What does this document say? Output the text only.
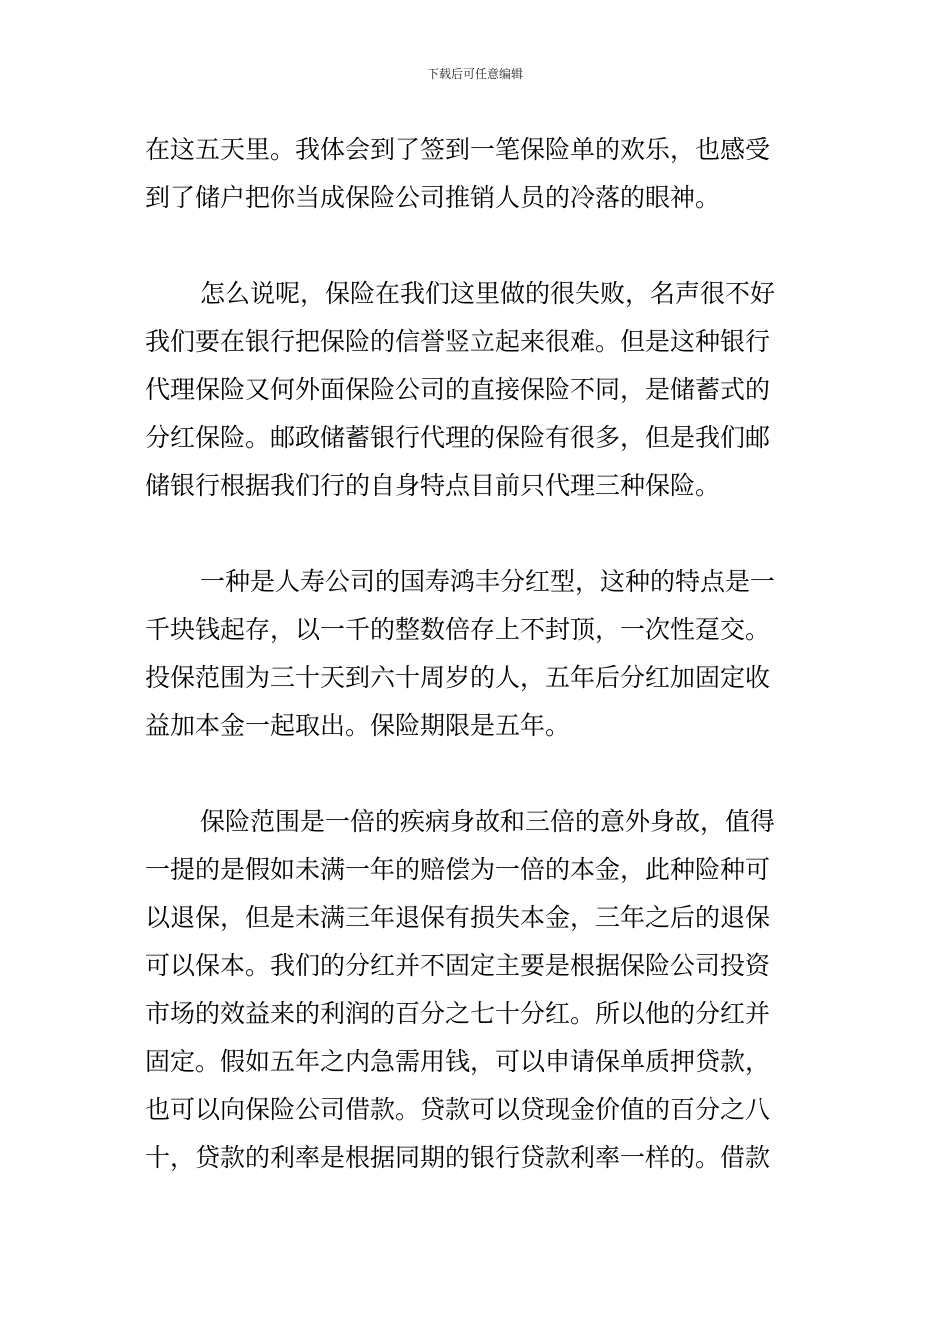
下载后可任意编辑
在这五天里。我体会到了签到一笔保险单的欢乐，也感受
到了储户把你当成保险公司推销人员的冷落的眼神。
怎么说呢，保险在我们这里做的很失败，名声很不好
我们要在银行把保险的信誉竖立起来很难。但是这种银行
代理保险又何外面保险公司的直接保险不同，是储蓄式的
分红保险。邮政储蓄银行代理的保险有很多，但是我们邮
储银行根据我们行的自身特点目前只代理三种保险。
一种是人寿公司的国寿鸿丰分红型，这种的特点是一
千块钱起存，以一千的整数倍存上不封顶，一次性趸交。
投保范围为三十天到六十周岁的人，五年后分红加固定收
益加本金一起取出。保险期限是五年。
保险范围是一倍的疾病身故和三倍的意外身故，值得
一提的是假如未满一年的赔偿为一倍的本金，此种险种可
以退保，但是未满三年退保有损失本金，三年之后的退保
可以保本。我们的分红并不固定主要是根据保险公司投资
市场的效益来的利润的百分之七十分红。所以他的分红并
固定。假如五年之内急需用钱，可以申请保单质押贷款，
也可以向保险公司借款。贷款可以贷现金价值的百分之八
十，贷款的利率是根据同期的银行贷款利率一样的。借款
